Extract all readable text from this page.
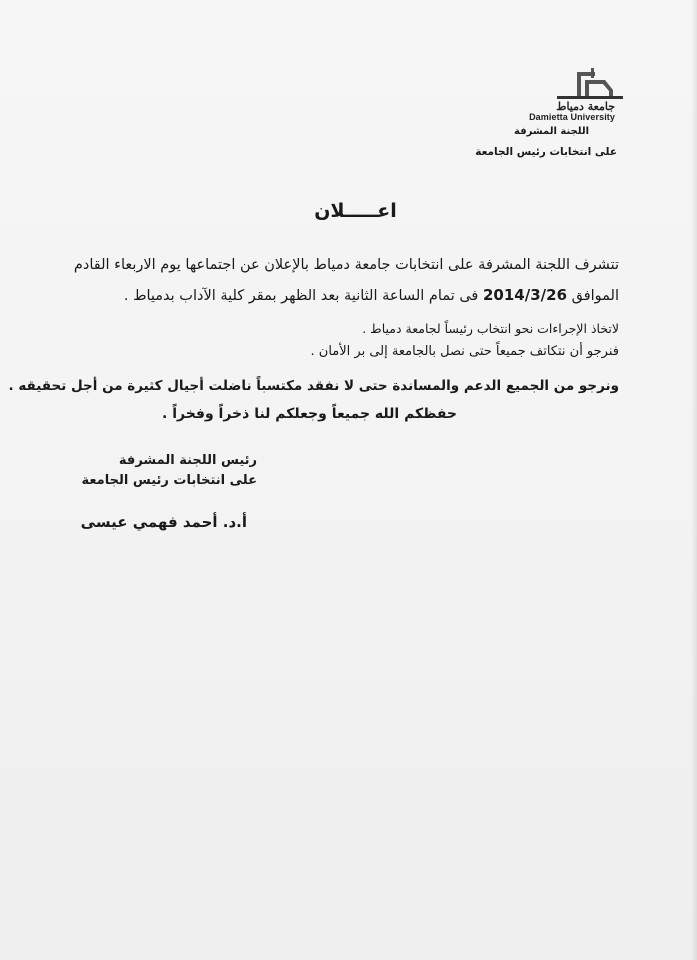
جامعة دمياط
Damietta University
اللجنة المشرفة
على انتخابات رئيس الجامعة
اعـــــلان
تتشرف اللجنة المشرفة على انتخابات جامعة دمياط بالإعلان عن اجتماعها يوم الاربعاء القادم
الموافق 2014/3/26 فى تمام الساعة الثانية بعد الظهر بمقر كلية الآداب بدمياط .
لاتخاذ الإجراءات نحو انتخاب رئيساً لجامعة دمياط .
فنرجو أن نتكاتف جميعاً حتى نصل بالجامعة إلى بر الأمان .
ونرجو من الجميع الدعم والمساندة حتى لا نفقد مكتسباً ناضلت أجيال كثيرة من أجل تحقيقه .
حفظكم الله جميعاً وجعلكم لنا ذخراً وفخراً .
رئيس اللجنة المشرفة
على انتخابات رئيس الجامعة
أ.د. أحمد فهمي عيسى
